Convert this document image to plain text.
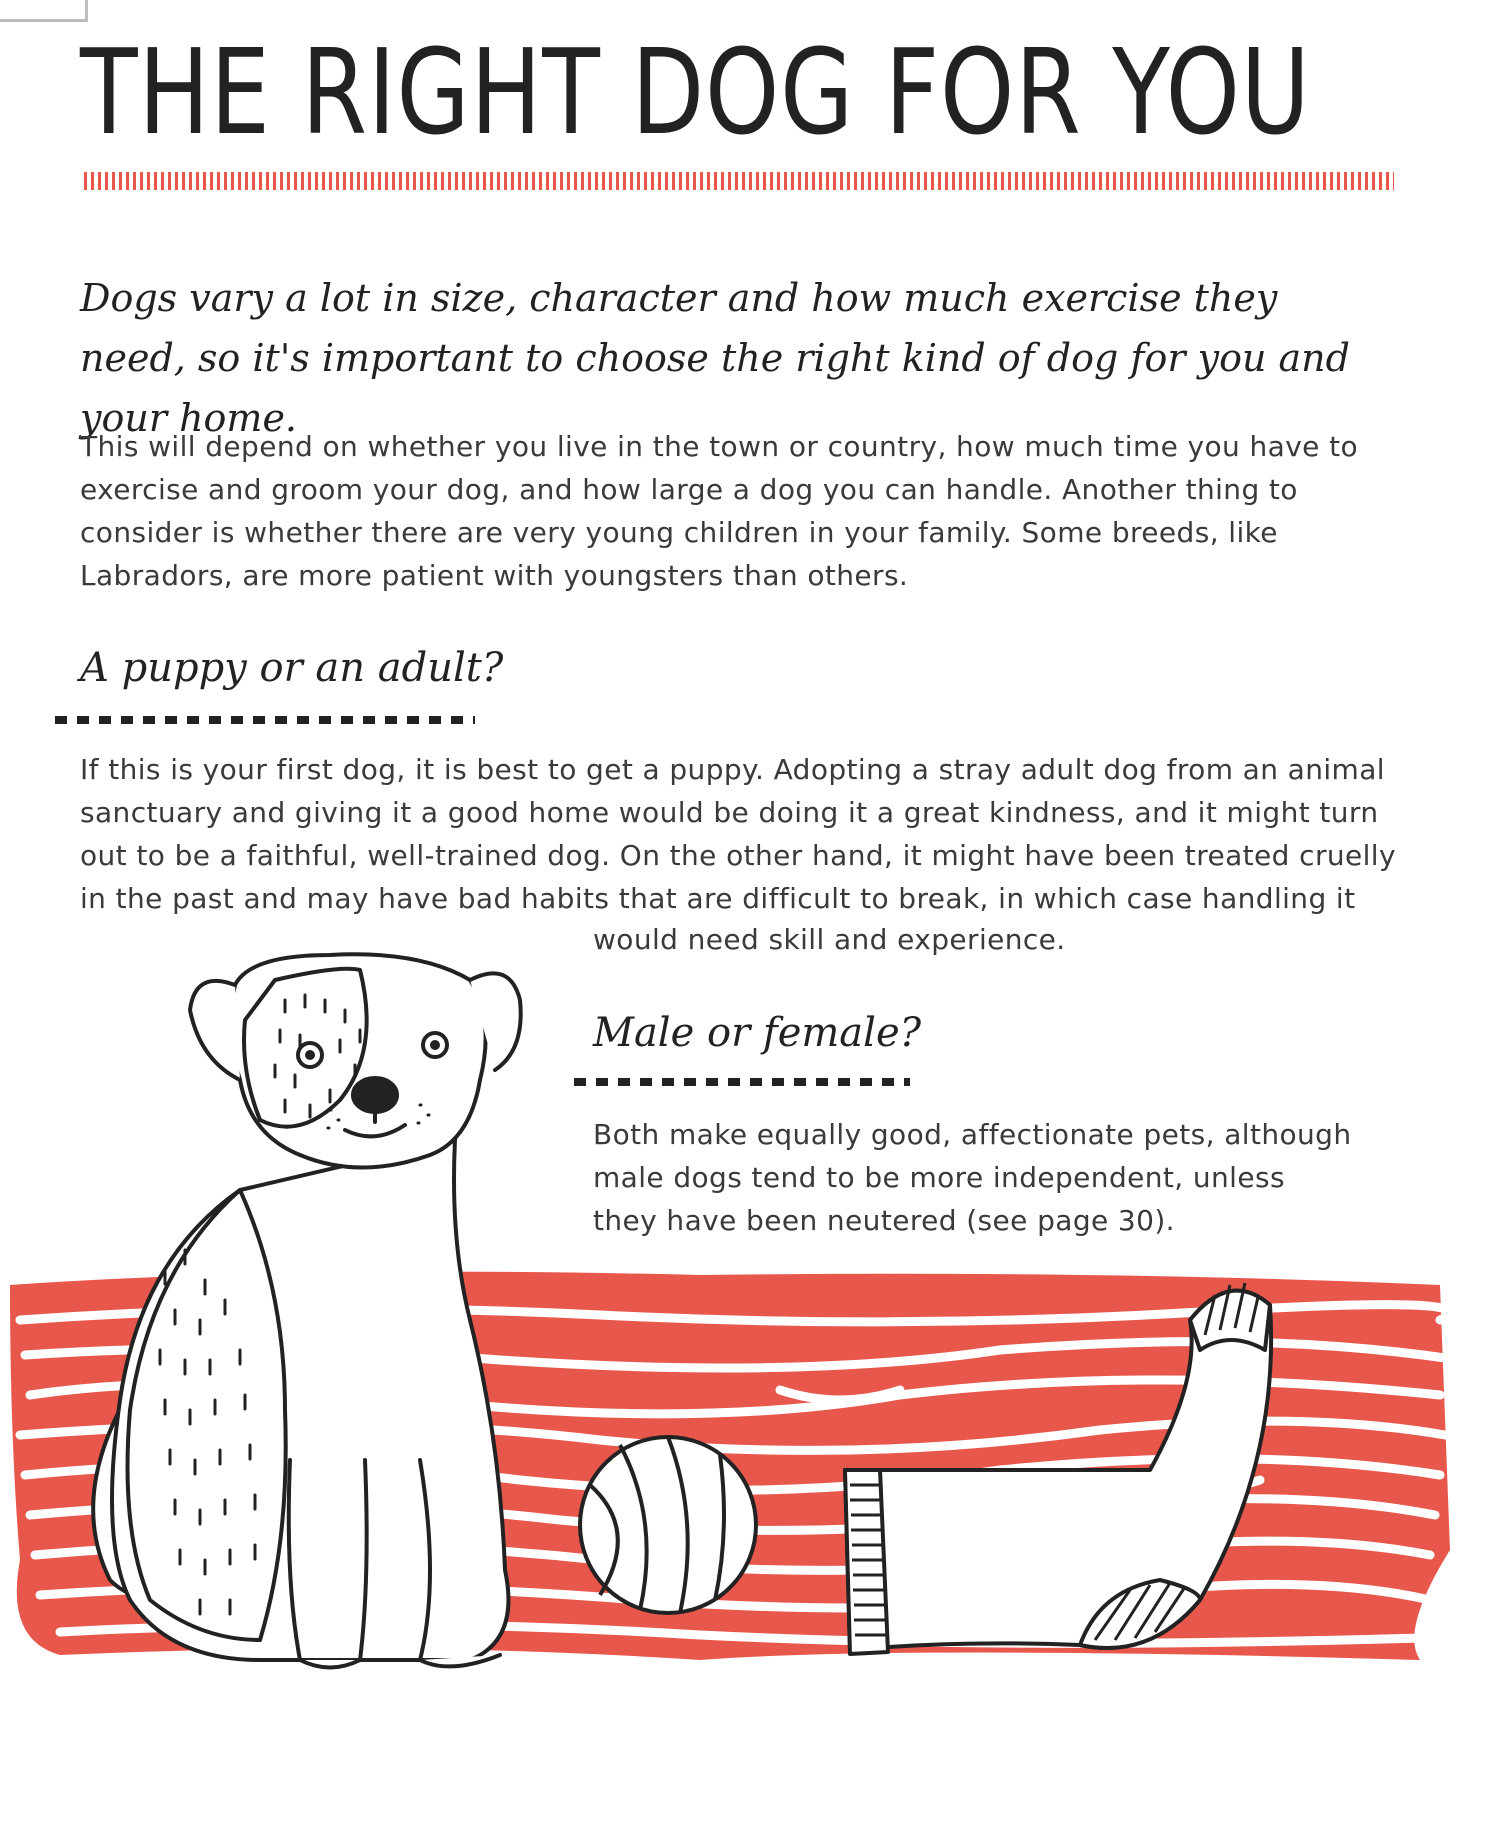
THE RIGHT DOG FOR YOU

Dogs vary a lot in size, character and how much exercise they need, so it's important to choose the right kind of dog for you and your home.

This will depend on whether you live in the town or country, how much time you have to exercise and groom your dog, and how large a dog you can handle. Another thing to consider is whether there are very young children in your family. Some breeds, like Labradors, are more patient with youngsters than others.

A puppy or an adult?

If this is your first dog, it is best to get a puppy. Adopting a stray adult dog from an animal sanctuary and giving it a good home would be doing it a great kindness, and it might turn out to be a faithful, well-trained dog. On the other hand, it might have been treated cruelly in the past and may have bad habits that are difficult to break, in which case handling it

would need skill and experience.

Male or female?

Both make equally good, affectionate pets, although male dogs tend to be more independent, unless they have been neutered (see page 30).
